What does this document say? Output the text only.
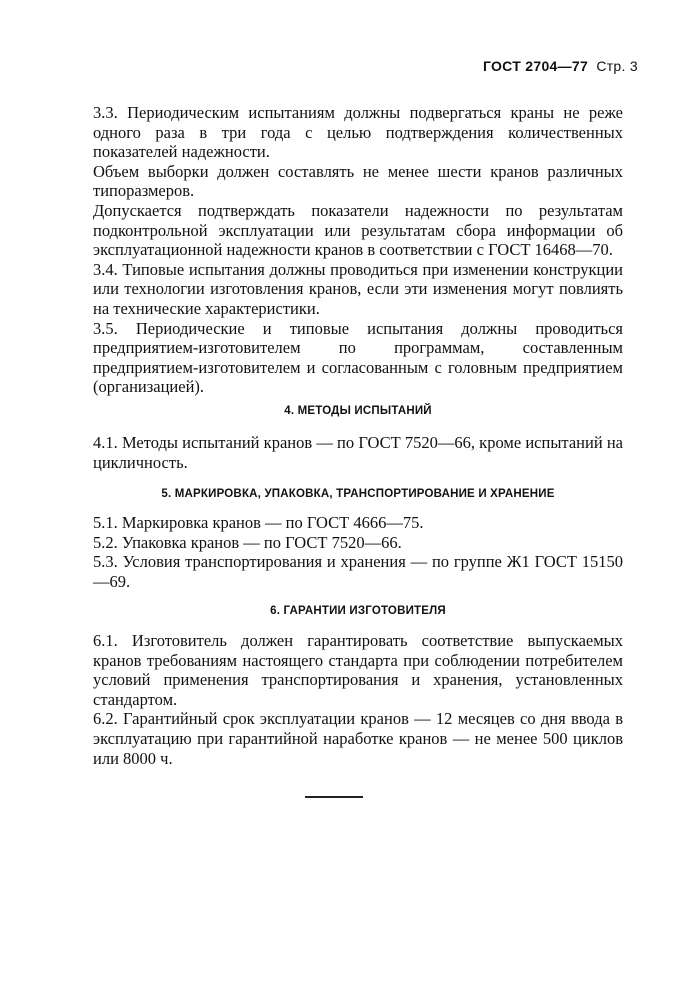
ГОСТ 2704—77 Стр. 3

3.3. Периодическим испытаниям должны подвергаться краны не реже одного раза в три года с целью подтверждения количественных показателей надежности.

Объем выборки должен составлять не менее шести кранов различных типоразмеров.

Допускается подтверждать показатели надежности по результатам подконтрольной эксплуатации или результатам сбора информации об эксплуатационной надежности кранов в соответствии с ГОСТ 16468—70.

3.4. Типовые испытания должны проводиться при изменении конструкции или технологии изготовления кранов, если эти изменения могут повлиять на технические характеристики.

3.5. Периодические и типовые испытания должны проводиться предприятием-изготовителем по программам, составленным предприятием-изготовителем и согласованным с головным предприятием (организацией).

4. МЕТОДЫ ИСПЫТАНИЙ

4.1. Методы испытаний кранов — по ГОСТ 7520—66, кроме испытаний на цикличность.

5. МАРКИРОВКА, УПАКОВКА, ТРАНСПОРТИРОВАНИЕ И ХРАНЕНИЕ

5.1. Маркировка кранов — по ГОСТ 4666—75.

5.2. Упаковка кранов — по ГОСТ 7520—66.

5.3. Условия транспортирования и хранения — по группе Ж1 ГОСТ 15150—69.

6. ГАРАНТИИ ИЗГОТОВИТЕЛЯ

6.1. Изготовитель должен гарантировать соответствие выпускаемых кранов требованиям настоящего стандарта при соблюдении потребителем условий применения транспортирования и хранения, установленных стандартом.

6.2. Гарантийный срок эксплуатации кранов — 12 месяцев со дня ввода в эксплуатацию при гарантийной наработке кранов — не менее 500 циклов или 8000 ч.
